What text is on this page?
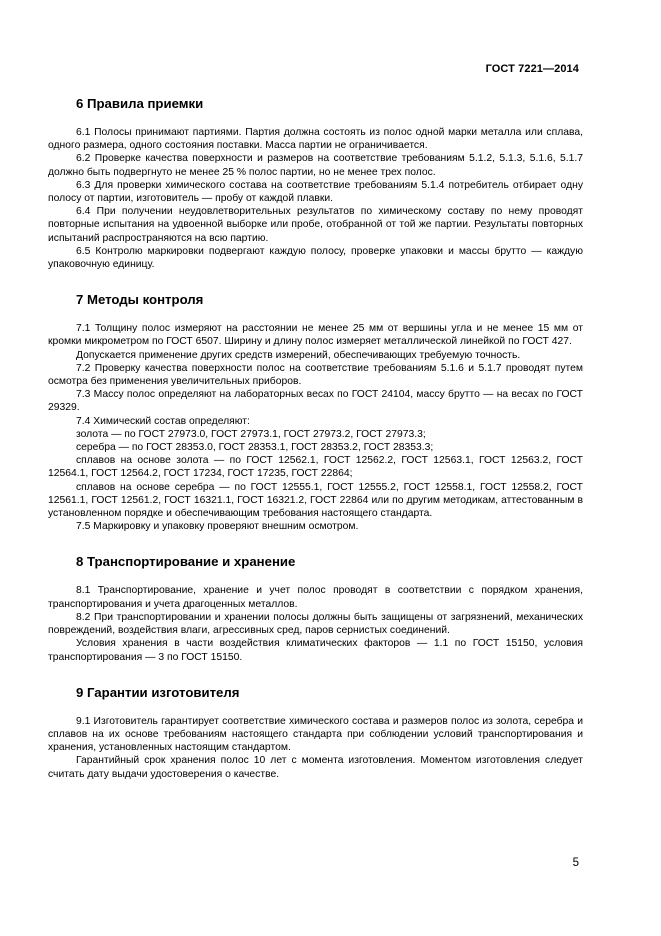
ГОСТ 7221—2014
6 Правила приемки

6.1 Полосы принимают партиями. Партия должна состоять из полос одной марки металла или сплава, одного размера, одного состояния поставки. Масса партии не ограничивается.

6.2 Проверке качества поверхности и размеров на соответствие требованиям 5.1.2, 5.1.3, 5.1.6, 5.1.7 должно быть подвергнуто не менее 25 % полос партии, но не менее трех полос.

6.3 Для проверки химического состава на соответствие требованиям 5.1.4 потребитель отбирает одну полосу от партии, изготовитель — пробу от каждой плавки.

6.4 При получении неудовлетворительных результатов по химическому составу по нему проводят повторные испытания на удвоенной выборке или пробе, отобранной от той же партии. Результаты повторных испытаний распространяются на всю партию.

6.5 Контролю маркировки подвергают каждую полосу, проверке упаковки и массы брутто — каждую упаковочную единицу.

7 Методы контроля

7.1 Толщину полос измеряют на расстоянии не менее 25 мм от вершины угла и не менее 15 мм от кромки микрометром по ГОСТ 6507. Ширину и длину полос измеряет металлической линейкой по ГОСТ 427.

Допускается применение других средств измерений, обеспечивающих требуемую точность.

7.2 Проверку качества поверхности полос на соответствие требованиям 5.1.6 и 5.1.7 проводят путем осмотра без применения увеличительных приборов.

7.3 Массу полос определяют на лабораторных весах по ГОСТ 24104, массу брутто — на весах по ГОСТ 29329.

7.4 Химический состав определяют:

золота — по ГОСТ 27973.0, ГОСТ 27973.1, ГОСТ 27973.2, ГОСТ 27973.3;

серебра — по ГОСТ 28353.0, ГОСТ 28353.1, ГОСТ 28353.2, ГОСТ 28353.3;

сплавов на основе золота — по ГОСТ 12562.1, ГОСТ 12562.2, ГОСТ 12563.1, ГОСТ 12563.2, ГОСТ 12564.1, ГОСТ 12564.2, ГОСТ 17234, ГОСТ 17235, ГОСТ 22864;

сплавов на основе серебра — по ГОСТ 12555.1, ГОСТ 12555.2, ГОСТ 12558.1, ГОСТ 12558.2, ГОСТ 12561.1, ГОСТ 12561.2, ГОСТ 16321.1, ГОСТ 16321.2, ГОСТ 22864 или по другим методикам, аттестованным в установленном порядке и обеспечивающим требования настоящего стандарта.

7.5 Маркировку и упаковку проверяют внешним осмотром.

8 Транспортирование и хранение

8.1 Транспортирование, хранение и учет полос проводят в соответствии с порядком хранения, транспортирования и учета драгоценных металлов.

8.2 При транспортировании и хранении полосы должны быть защищены от загрязнений, механических повреждений, воздействия влаги, агрессивных сред, паров сернистых соединений.

Условия хранения в части воздействия климатических факторов — 1.1 по ГОСТ 15150, условия транспортирования — 3 по ГОСТ 15150.

9 Гарантии изготовителя

9.1 Изготовитель гарантирует соответствие химического состава и размеров полос из золота, серебра и сплавов на их основе требованиям настоящего стандарта при соблюдении условий транспортирования и хранения, установленных настоящим стандартом.

Гарантийный срок хранения полос 10 лет с момента изготовления. Моментом изготовления следует считать дату выдачи удостоверения о качестве.

5
